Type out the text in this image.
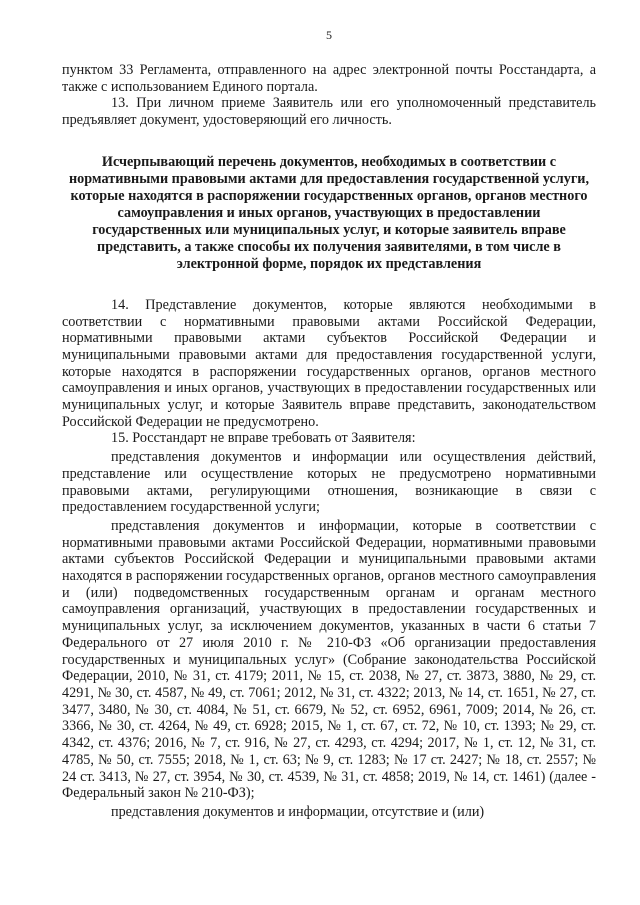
5

пунктом 33 Регламента, отправленного на адрес электронной почты Росстандарта, а также с использованием Единого портала.

13. При личном приеме Заявитель или его уполномоченный представитель предъявляет документ, удостоверяющий его личность.

Исчерпывающий перечень документов, необходимых в соответствии с нормативными правовыми актами для предоставления государственной услуги, которые находятся в распоряжении государственных органов, органов местного самоуправления и иных органов, участвующих в предоставлении государственных или муниципальных услуг, и которые заявитель вправе представить, а также способы их получения заявителями, в том числе в электронной форме, порядок их представления

14. Представление документов, которые являются необходимыми в соответствии с нормативными правовыми актами Российской Федерации, нормативными правовыми актами субъектов Российской Федерации и муниципальными правовыми актами для предоставления государственной услуги, которые находятся в распоряжении государственных органов, органов местного самоуправления и иных органов, участвующих в предоставлении государственных или муниципальных услуг, и которые Заявитель вправе представить, законодательством Российской Федерации не предусмотрено.

15. Росстандарт не вправе требовать от Заявителя:

представления документов и информации или осуществления действий, представление или осуществление которых не предусмотрено нормативными правовыми актами, регулирующими отношения, возникающие в связи с предоставлением государственной услуги;

представления документов и информации, которые в соответствии с нормативными правовыми актами Российской Федерации, нормативными правовыми актами субъектов Российской Федерации и муниципальными правовыми актами находятся в распоряжении государственных органов, органов местного самоуправления и (или) подведомственных государственным органам и органам местного самоуправления организаций, участвующих в предоставлении государственных и муниципальных услуг, за исключением документов, указанных в части 6 статьи 7 Федерального от 27 июля 2010 г. № 210-ФЗ «Об организации предоставления государственных и муниципальных услуг» (Собрание законодательства Российской Федерации, 2010, № 31, ст. 4179; 2011, № 15, ст. 2038, № 27, ст. 3873, 3880, № 29, ст. 4291, № 30, ст. 4587, № 49, ст. 7061; 2012, № 31, ст. 4322; 2013, № 14, ст. 1651, № 27, ст. 3477, 3480, № 30, ст. 4084, № 51, ст. 6679, № 52, ст. 6952, 6961, 7009; 2014, № 26, ст. 3366, № 30, ст. 4264, № 49, ст. 6928; 2015, № 1, ст. 67, ст. 72, № 10, ст. 1393; № 29, ст. 4342, ст. 4376; 2016, № 7, ст. 916, № 27, ст. 4293, ст. 4294; 2017, № 1, ст. 12, № 31, ст. 4785, № 50, ст. 7555; 2018, № 1, ст. 63; № 9, ст. 1283; № 17 ст. 2427; № 18, ст. 2557; № 24 ст. 3413, № 27, ст. 3954, № 30, ст. 4539, № 31, ст. 4858; 2019, № 14, ст. 1461) (далее - Федеральный закон № 210-ФЗ);

представления документов и информации, отсутствие и (или)
